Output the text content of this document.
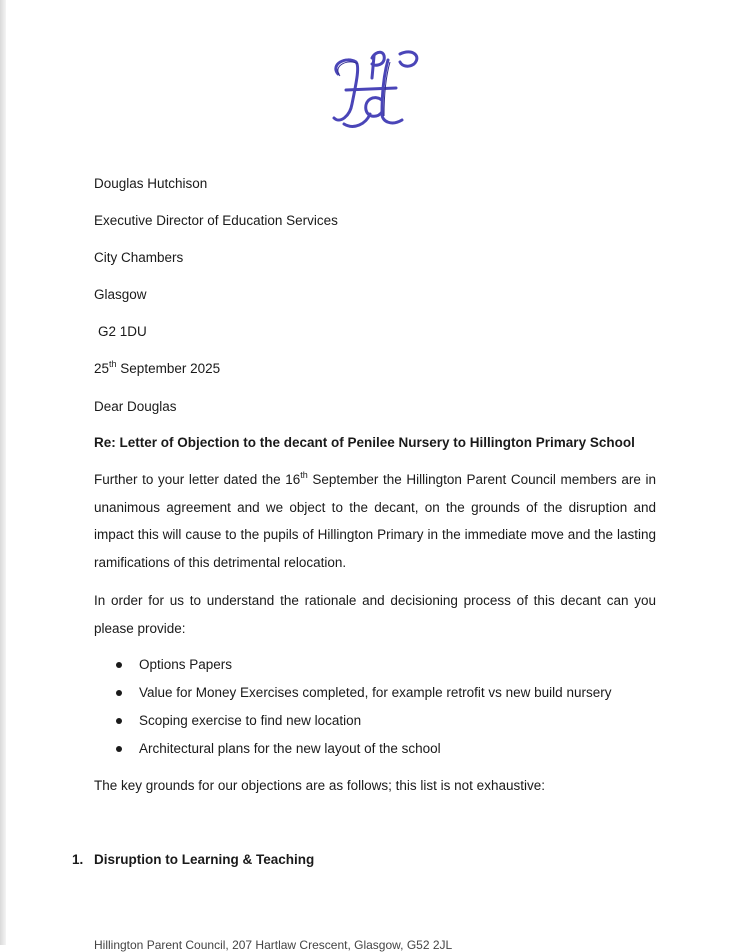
Douglas Hutchison
Executive Director of Education Services
City Chambers
Glasgow
G2 1DU
25th September 2025
Dear Douglas
Re: Letter of Objection to the decant of Penilee Nursery to Hillington Primary School
Further to your letter dated the 16th September the Hillington Parent Council members are in
unanimous agreement and we object to the decant, on the grounds of the disruption and
impact this will cause to the pupils of Hillington Primary in the immediate move and the lasting
ramifications of this detrimental relocation.
In order for us to understand the rationale and decisioning process of this decant can you
please provide:
Options Papers
Value for Money Exercises completed, for example retrofit vs new build nursery
Scoping exercise to find new location
Architectural plans for the new layout of the school
The key grounds for our objections are as follows; this list is not exhaustive:
1. Disruption to Learning & Teaching
Hillington Parent Council, 207 Hartlaw Crescent, Glasgow, G52 2JL
